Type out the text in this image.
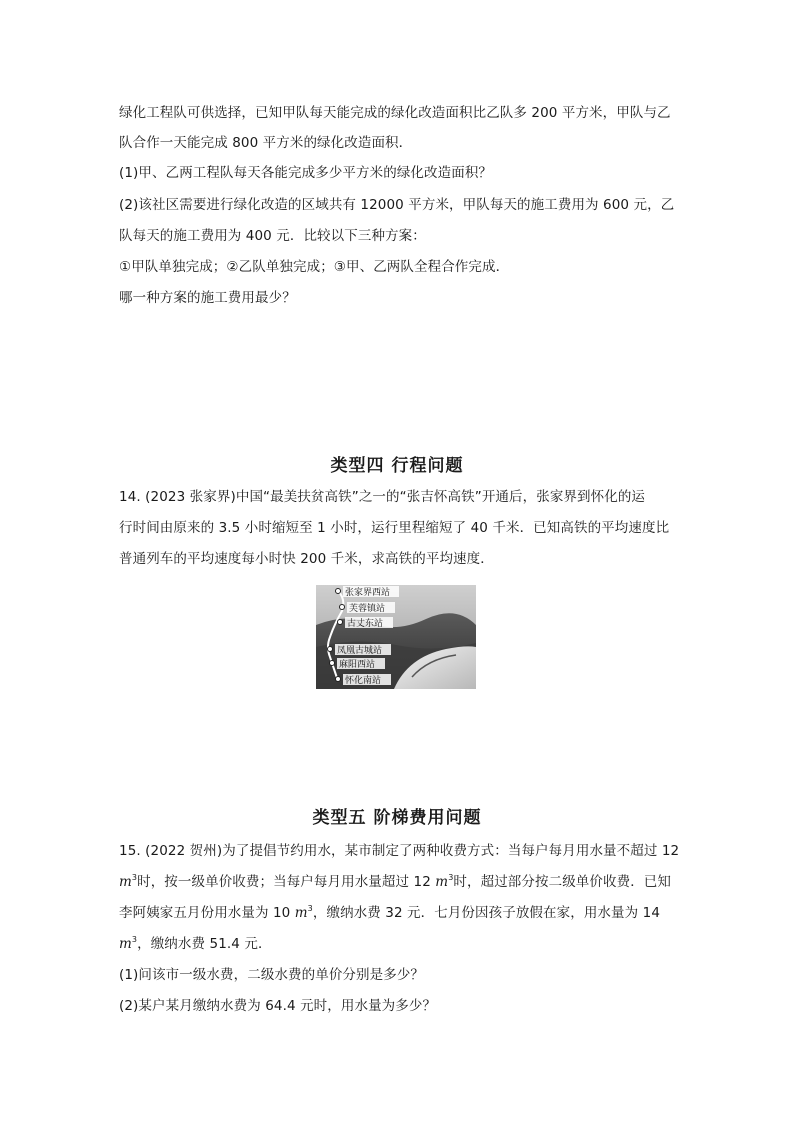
绿化工程队可供选择，已知甲队每天能完成的绿化改造面积比乙队多 200 平方米，甲队与乙
队合作一天能完成 800 平方米的绿化改造面积．
(1)甲、乙两工程队每天各能完成多少平方米的绿化改造面积？
(2)该社区需要进行绿化改造的区域共有 12000 平方米，甲队每天的施工费用为 600 元，乙
队每天的施工费用为 400 元．比较以下三种方案：
①甲队单独完成；②乙队单独完成；③甲、乙两队全程合作完成．
哪一种方案的施工费用最少？
类型四 行程问题
14. (2023 张家界)中国“最美扶贫高铁”之一的“张吉怀高铁”开通后，张家界到怀化的运
行时间由原来的 3.5 小时缩短至 1 小时，运行里程缩短了 40 千米．已知高铁的平均速度比
普通列车的平均速度每小时快 200 千米，求高铁的平均速度．
张家界西站
芙蓉镇站
古丈东站
凤凰古城站
麻阳西站
怀化南站
类型五 阶梯费用问题
15. (2022 贺州)为了提倡节约用水，某市制定了两种收费方式：当每户每月用水量不超过 12
$m^3$时，按一级单价收费；当每户每月用水量超过 12 $m^3$时，超过部分按二级单价收费．已知
李阿姨家五月份用水量为 10 $m^3$，缴纳水费 32 元．七月份因孩子放假在家，用水量为 14
$m^3$，缴纳水费 51.4 元．
(1)问该市一级水费，二级水费的单价分别是多少？
(2)某户某月缴纳水费为 64.4 元时，用水量为多少？
